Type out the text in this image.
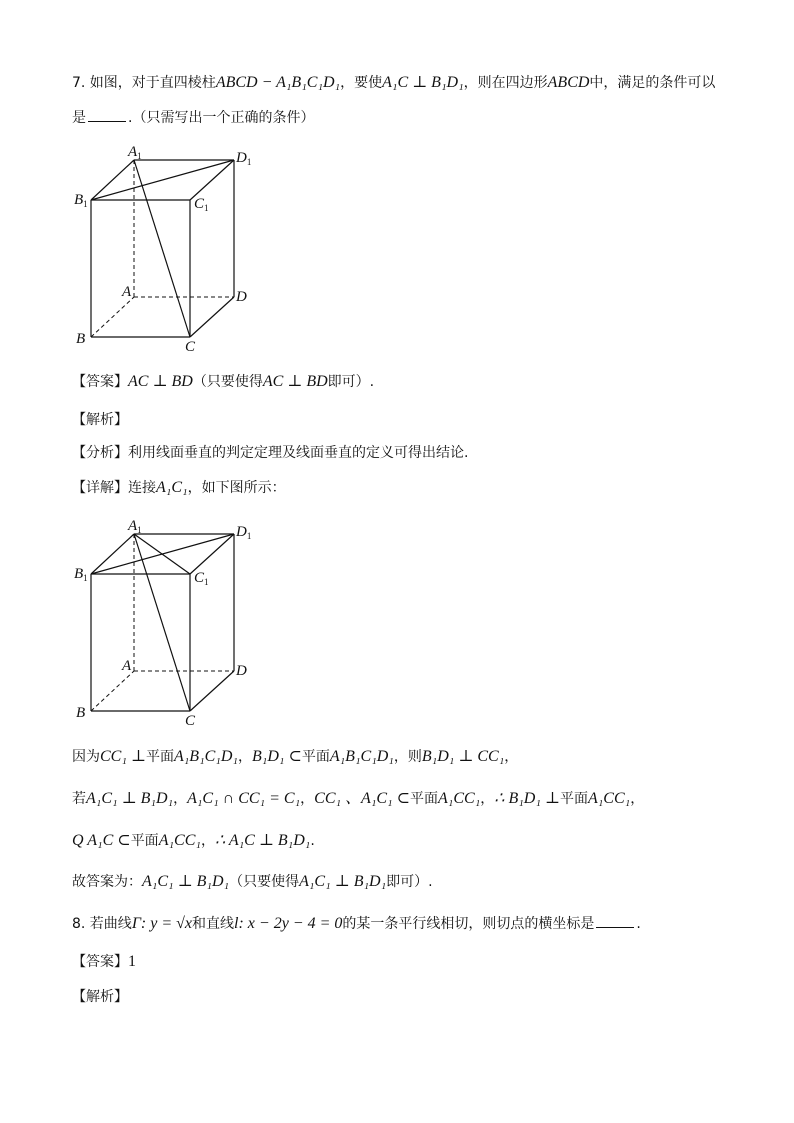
7. 如图，对于直四棱柱ABCD − A₁B₁C₁D₁，要使A₁C ⊥ B₁D₁，则在四边形ABCD中，满足的条件可以
是	.（只需写出一个正确的条件）
$A_1$	$D_1$
$B_1$	$C_1$
A	D
B	C
【答案】AC ⊥ BD（只要使得AC ⊥ BD即可）.
【解析】
【分析】利用线面垂直的判定定理及线面垂直的定义可得出结论.
【详解】连接A₁C₁，如下图所示：
$A_1$	$D_1$
$B_1$	$C_1$
A	D
B	C
因为CC₁ ⊥平面A₁B₁C₁D₁，B₁D₁ ⊂平面A₁B₁C₁D₁，则B₁D₁ ⊥ CC₁，
若A₁C₁ ⊥ B₁D₁，A₁C₁ ∩ CC₁ = C₁，CC₁ 、A₁C₁ ⊂平面A₁CC₁，∴ B₁D₁ ⊥平面A₁CC₁，
Q A₁C ⊂平面A₁CC₁，∴ A₁C ⊥ B₁D₁.
故答案为：A₁C₁ ⊥ B₁D₁（只要使得A₁C₁ ⊥ B₁D₁即可）.
8. 若曲线Γ: y = √x和直线l: x − 2y − 4 = 0的某一条平行线相切，则切点的横坐标是	.
【答案】1
【解析】
